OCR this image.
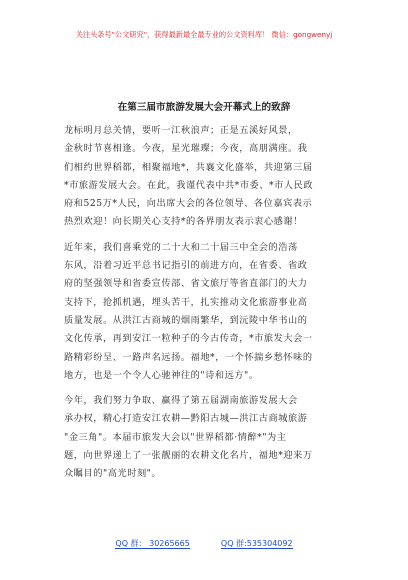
关注头条号"公文研究"，获得最新最全最专业的公文资料库！ 微信：gongwenyj
在第三届市旅游发展大会开幕式上的致辞
龙标明月总关情，要听一江秋浪声；正是五溪好风景，
金秋时节喜相逢。今夜，星光璀璨；今夜，高朋满座。我
们相约世界稻都，相聚福地*，共襄文化盛举，共迎第三届
*市旅游发展大会。在此，我谨代表中共*市委、*市人民政
府和525万*人民，向出席大会的各位领导、各位嘉宾表示
热烈欢迎！向长期关心支持*的各界朋友表示衷心感谢！
近年来，我们喜乘党的二十大和二十届三中全会的浩荡
东风，沿着习近平总书记指引的前进方向，在省委、省政
府的坚强领导和省委宣传部、省文旅厅等省直部门的大力
支持下，抢抓机遇，埋头苦干，扎实推动文化旅游事业高
质量发展。从洪江古商城的烟雨繁华，到沅陵中华书山的
文化传承，再到安江一粒种子的今古传奇，*市旅发大会一
路精彩纷呈、一路声名远扬。福地*，一个怀揣乡愁怀味的
地方，也是一个令人心驰神往的"诗和远方"。
今年，我们努力争取、赢得了第五届湖南旅游发展大会
承办权，精心打造安江农耕—黔阳古城—洪江古商城旅游
"金三角"。本届市旅发大会以"世界稻都·情醉*"为主
题，向世界递上了一张靓丽的农耕文化名片，福地*迎来万
众瞩目的"高光时刻"。
QQ 群： 30265665	QQ 群:535304092
